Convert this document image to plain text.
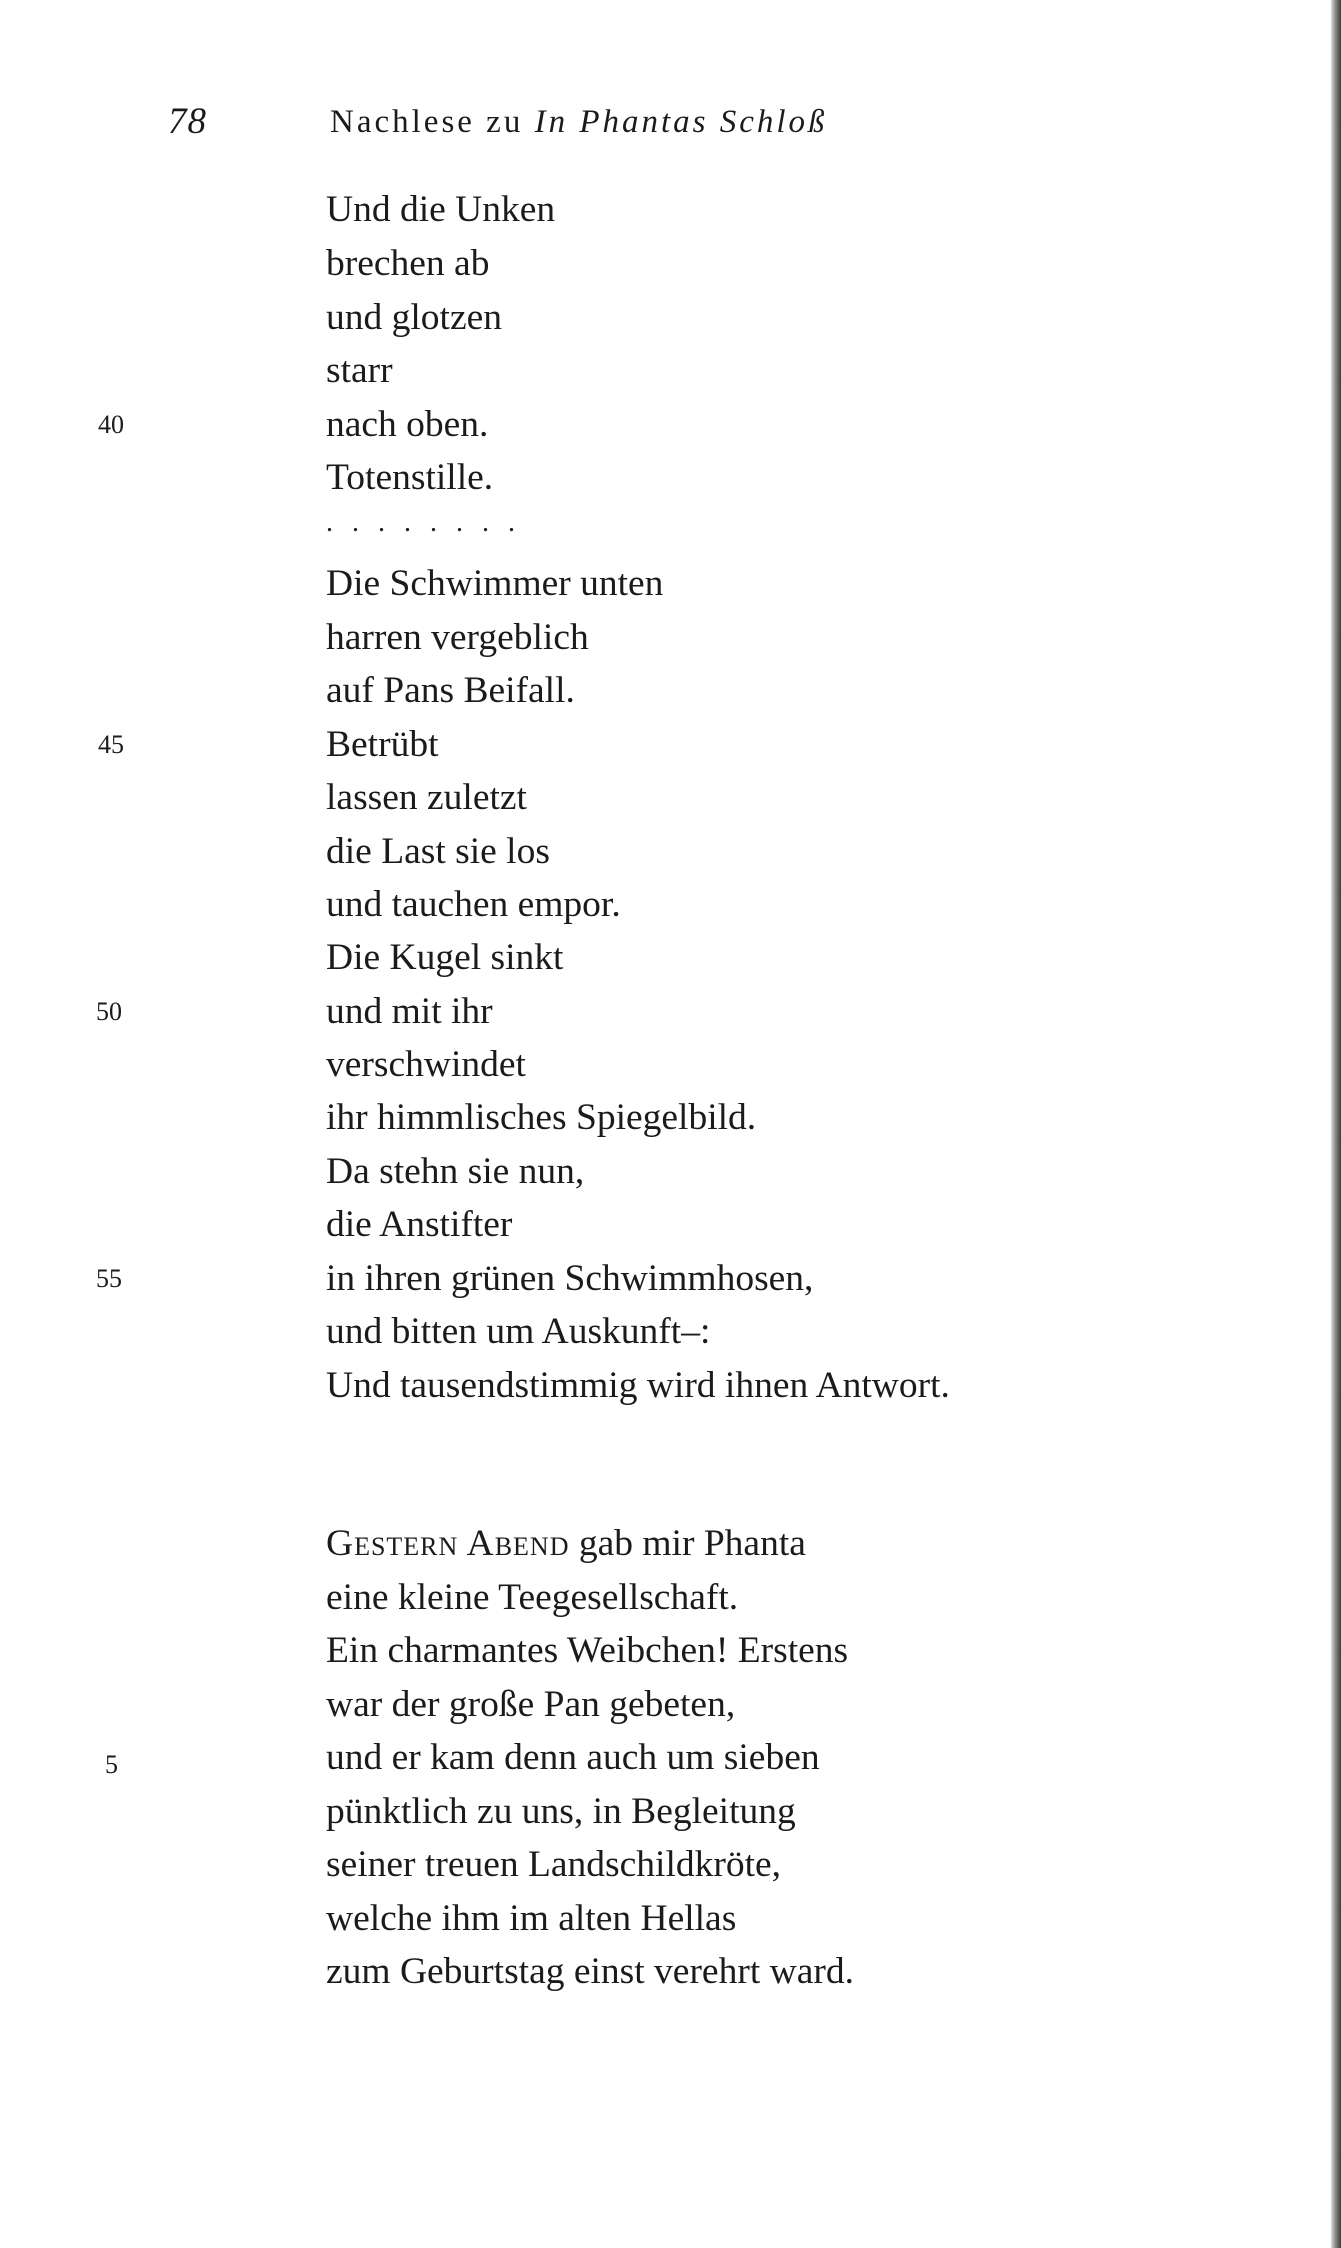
78	Nachlese zu In Phantas Schloß
Und die Unken
brechen ab
und glotzen
starr
nach oben.
Totenstille.
. . . . . . . .
Die Schwimmer unten
harren vergeblich
auf Pans Beifall.
Betrübt
lassen zuletzt
die Last sie los
und tauchen empor.
Die Kugel sinkt
und mit ihr
verschwindet
ihr himmlisches Spiegelbild.
Da stehn sie nun,
die Anstifter
in ihren grünen Schwimmhosen,
und bitten um Auskunft–:
Und tausendstimmig wird ihnen Antwort.
40
45
50
55
Gestern Abend gab mir Phanta
eine kleine Teegesellschaft.
Ein charmantes Weibchen! Erstens
war der große Pan gebeten,
und er kam denn auch um sieben
pünktlich zu uns, in Begleitung
seiner treuen Landschildkröte,
welche ihm im alten Hellas
zum Geburtstag einst verehrt ward.
5
